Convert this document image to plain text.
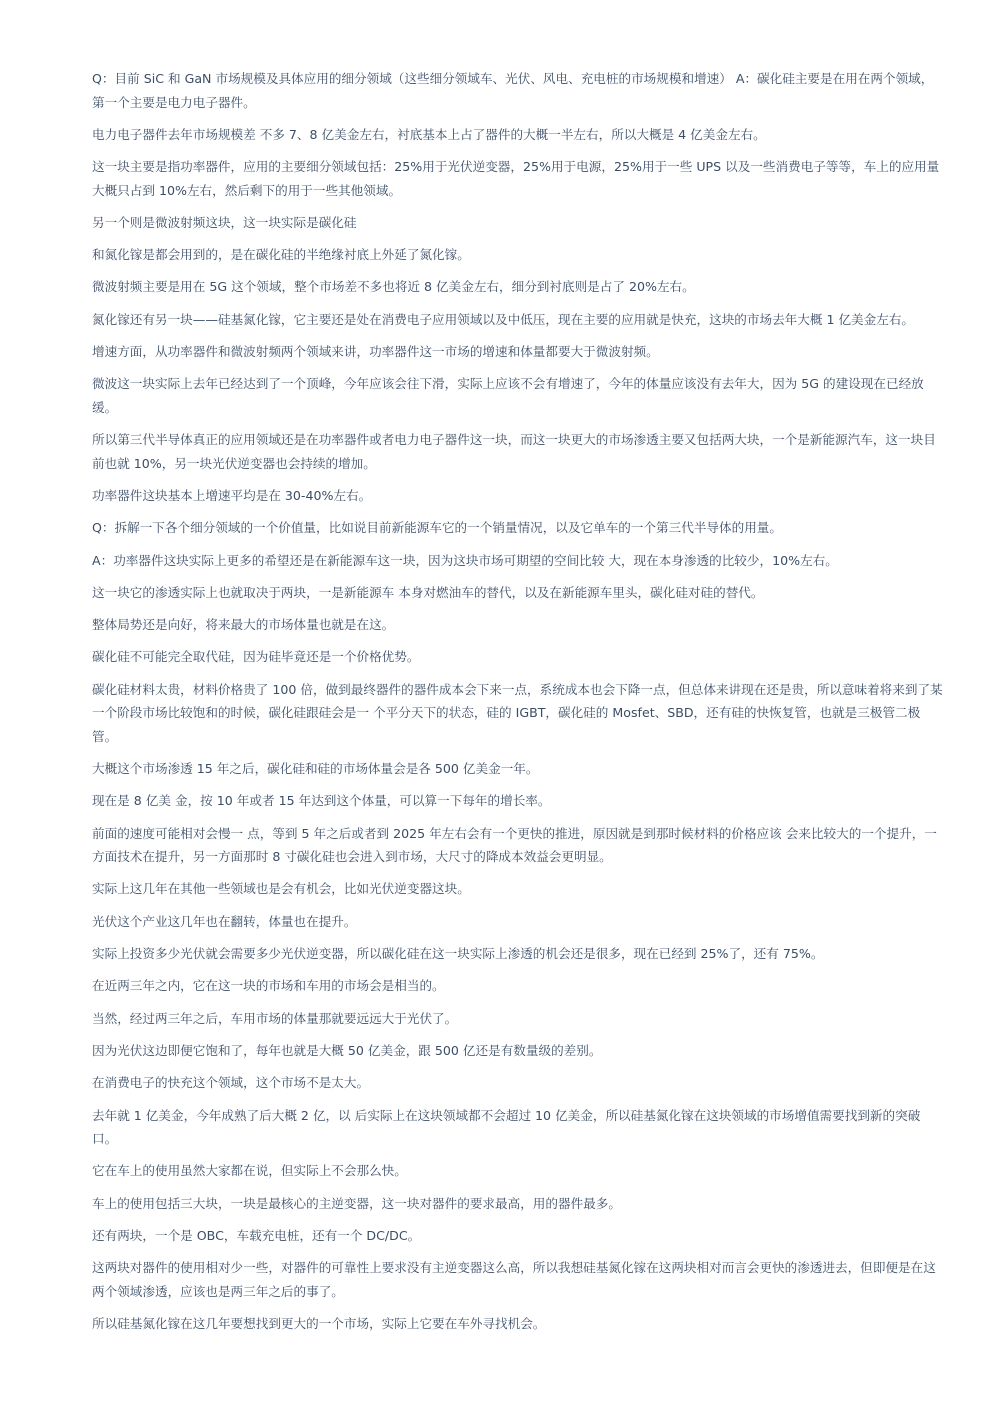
Q：目前 SiC 和 GaN 市场规模及具体应用的细分领域（这些细分领域车、光伏、风电、充电桩的市场规模和增速） A：碳化硅主要是在用在两个领域，第一个主要是电力电子器件。

电力电子器件去年市场规模差 不多 7、8 亿美金左右，衬底基本上占了器件的大概一半左右，所以大概是 4 亿美金左右。

这一块主要是指功率器件，应用的主要细分领域包括：25%用于光伏逆变器，25%用于电源，25%用于一些 UPS 以及一些消费电子等等，车上的应用量大概只占到 10%左右，然后剩下的用于一些其他领域。

另一个则是微波射频这块，这一块实际是碳化硅

和氮化镓是都会用到的，是在碳化硅的半绝缘衬底上外延了氮化镓。

微波射频主要是用在 5G 这个领域，整个市场差不多也将近 8 亿美金左右，细分到衬底则是占了 20%左右。

氮化镓还有另一块——硅基氮化镓，它主要还是处在消费电子应用领域以及中低压，现在主要的应用就是快充，这块的市场去年大概 1 亿美金左右。

增速方面，从功率器件和微波射频两个领域来讲，功率器件这一市场的增速和体量都要大于微波射频。

微波这一块实际上去年已经达到了一个顶峰，今年应该会往下滑，实际上应该不会有增速了，今年的体量应该没有去年大，因为 5G 的建设现在已经放缓。

所以第三代半导体真正的应用领域还是在功率器件或者电力电子器件这一块，而这一块更大的市场渗透主要又包括两大块，一个是新能源汽车，这一块目前也就 10%，另一块光伏逆变器也会持续的增加。

功率器件这块基本上增速平均是在 30-40%左右。

Q：拆解一下各个细分领域的一个价值量，比如说目前新能源车它的一个销量情况，以及它单车的一个第三代半导体的用量。

A：功率器件这块实际上更多的希望还是在新能源车这一块，因为这块市场可期望的空间比较 大，现在本身渗透的比较少，10%左右。

这一块它的渗透实际上也就取决于两块，一是新能源车 本身对燃油车的替代，以及在新能源车里头，碳化硅对硅的替代。

整体局势还是向好，将来最大的市场体量也就是在这。

碳化硅不可能完全取代硅，因为硅毕竟还是一个价格优势。

碳化硅材料太贵，材料价格贵了 100 倍，做到最终器件的器件成本会下来一点，系统成本也会下降一点，但总体来讲现在还是贵，所以意味着将来到了某一个阶段市场比较饱和的时候，碳化硅跟硅会是一 个平分天下的状态，硅的 IGBT，碳化硅的 Mosfet、SBD，还有硅的快恢复管，也就是三极管二极管。

大概这个市场渗透 15 年之后，碳化硅和硅的市场体量会是各 500 亿美金一年。

现在是 8 亿美 金，按 10 年或者 15 年达到这个体量，可以算一下每年的增长率。

前面的速度可能相对会慢一 点，等到 5 年之后或者到 2025 年左右会有一个更快的推进，原因就是到那时候材料的价格应该 会来比较大的一个提升，一方面技术在提升，另一方面那时 8 寸碳化硅也会进入到市场，大尺寸的降成本效益会更明显。

实际上这几年在其他一些领域也是会有机会，比如光伏逆变器这块。

光伏这个产业这几年也在翻转，体量也在提升。

实际上投资多少光伏就会需要多少光伏逆变器，所以碳化硅在这一块实际上渗透的机会还是很多，现在已经到 25%了，还有 75%。

在近两三年之内，它在这一块的市场和车用的市场会是相当的。

当然，经过两三年之后，车用市场的体量那就要远远大于光伏了。

因为光伏这边即便它饱和了，每年也就是大概 50 亿美金，跟 500 亿还是有数量级的差别。

在消费电子的快充这个领域，这个市场不是太大。

去年就 1 亿美金，今年成熟了后大概 2 亿，以 后实际上在这块领域都不会超过 10 亿美金，所以硅基氮化镓在这块领域的市场增值需要找到新的突破口。

它在车上的使用虽然大家都在说，但实际上不会那么快。

车上的使用包括三大块，一块是最核心的主逆变器，这一块对器件的要求最高，用的器件最多。

还有两块，一个是 OBC，车载充电桩，还有一个 DC/DC。

这两块对器件的使用相对少一些，对器件的可靠性上要求没有主逆变器这么高，所以我想硅基氮化镓在这两块相对而言会更快的渗透进去，但即便是在这两个领域渗透，应该也是两三年之后的事了。

所以硅基氮化镓在这几年要想找到更大的一个市场，实际上它要在车外寻找机会。
